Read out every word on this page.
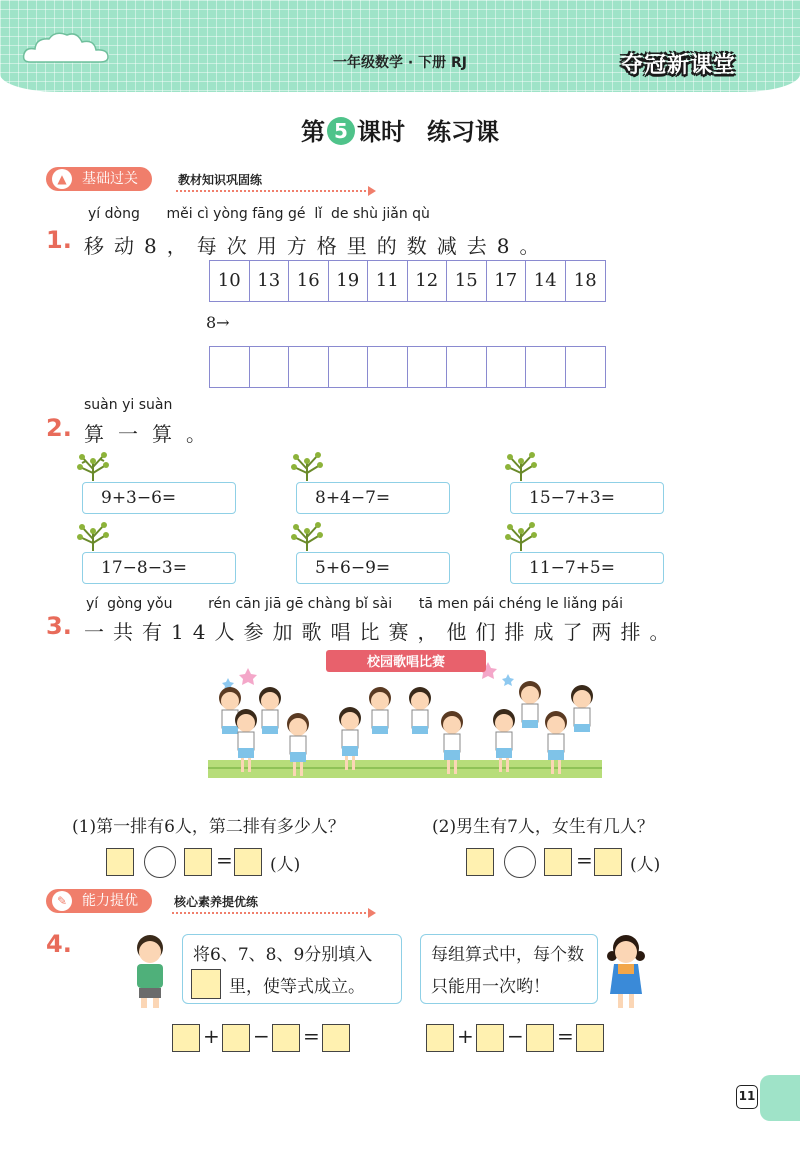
一年级数学 · 下册 RJ	夺冠新课堂
第 5 课时 练习课
▲	基础过关	教材知识巩固练
yí dòng      měi cì yòng fāng gé  lǐ  de shù jiǎn qù
1. 移动8，每次用方格里的数减去8。
10 13 16 19 11 12 15 17 14 18
8→
suàn yi suàn
2. 算一算。
9+3−6=	8+4−7=	15−7+3=
17−8−3=	5+6−9=	11−7+5=
yí  gòng yǒu        rén cān jiā gē chàng bǐ sài      tā men pái chéng le liǎng pái
3. 一共有14人参加歌唱比赛，他们排成了两排。
校园歌唱比赛
(1)第一排有6人，第二排有多少人？	(2)男生有7人，女生有几人？
= (人)	= (人)
✎	能力提优	核心素养提优练
4.	将6、7、8、9分别填入
里，使等式成立。
每组算式中，每个数
只能用一次哟！
+ − =	+ − =
11
